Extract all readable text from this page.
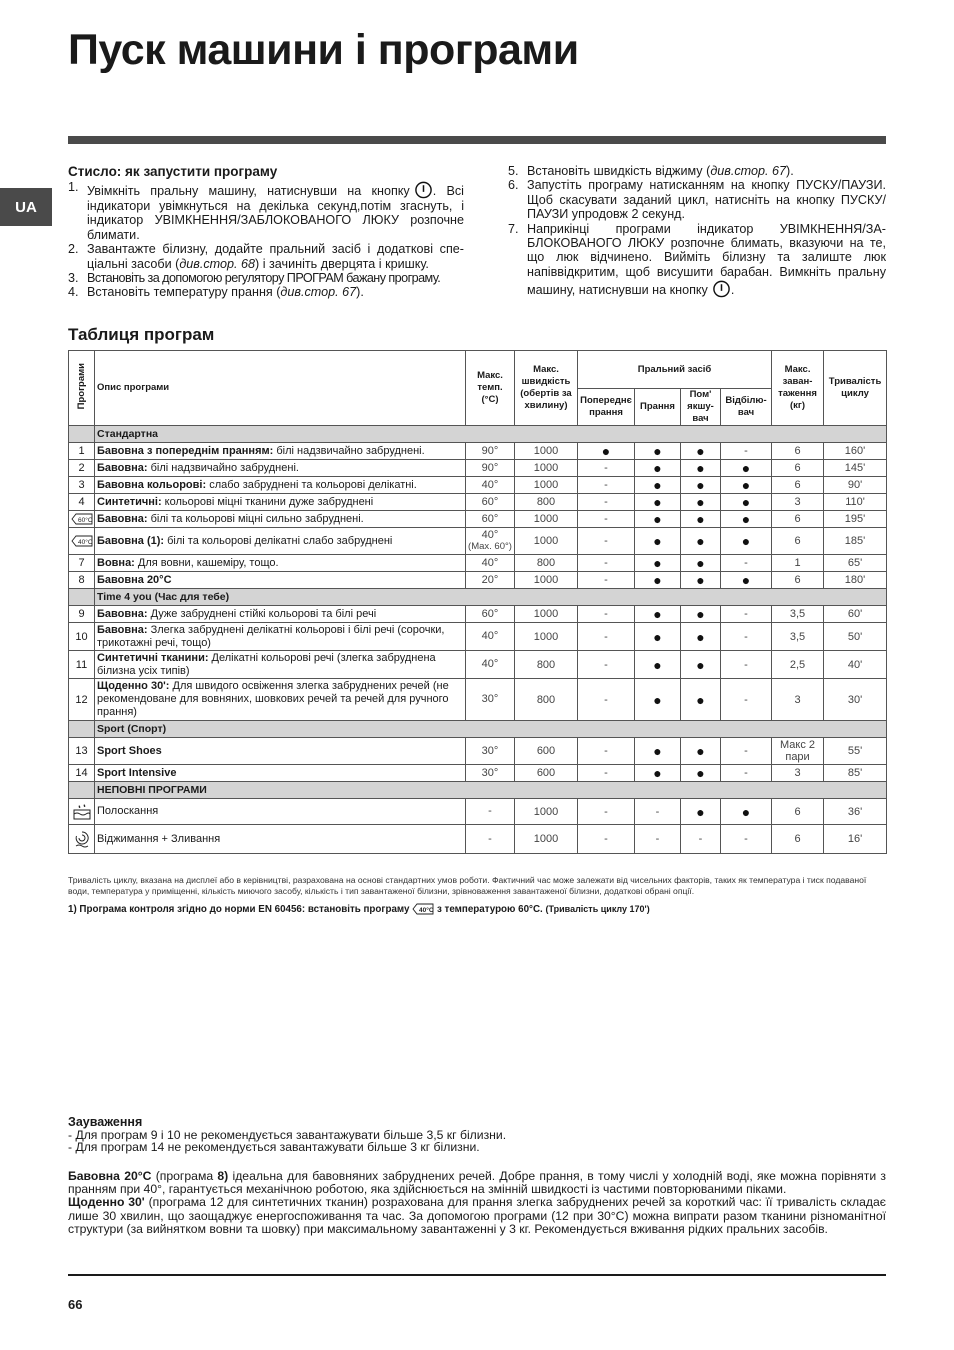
Пуск машини і програми
UA
Стисло: як запустити програму
1. Увімкніть пральну машину, натиснувши на кнопку . Всі індикатори увімкнуться на декілька секунд,потім згаснуть, і індикатор УВІМКНЕННЯ/ЗАБЛОКОВАНОГО ЛЮКУ розпочне блимати.
2. Завантажте білизну, додайте пральний засіб і додаткові спеціальні засоби (див.стор. 68) і зачиніть дверцята і кришку.
3. Встановіть за допомогою регулятору ПРОГРАМ бажану програму.
4. Встановіть температуру прання (див.стор. 67).
5. Встановіть швидкість віджиму (див.стор. 67).
6. Запустіть програму натисканням на кнопку ПУСКУ/ПАУЗИ. Щоб скасувати заданий цикл, натисніть на кнопку ПУСКУ/ПАУЗИ упродовж 2 секунд.
7. Наприкінці програми індикатор УВІМКНЕННЯ/ЗАБЛОКОВАНОГО ЛЮКУ розпочне блимать, вказуючи на те, що люк відчинено. Вийміть білизну та залиште люк напіввідкритим, щоб висушити барабан. Вимкніть пральну машину, натиснувши на кнопку .
Таблиця програм
Програми	Опис програми	Макс. темп. (°C)	Макс. швидкість (обертів за хвилину)	Пральний засіб				Макс. завантаження (кг)	Тривалість циклу
				Попереднє прання	Прання	Пом' якшувач	Відбілювач		
	Стандартна								
1	Бавовна з попереднім пранням: білі надзвичайно забруднені.	90°	1000	●	●	●	-	6	160'
2	Бавовна: білі надзвичайно забруднені.	90°	1000	-	●	●	●	6	145'
3	Бавовна кольорові: слабо забруднені та кольорові делікатні.	40°	1000	-	●	●	●	6	90'
4	Синтетичні: кольорові міцні тканини дуже забруднені	60°	800	-	●	●	●	3	110'

60°C	Бавовна: білі та кольорові міцні сильно забруднені.	60°	1000	-	●	●	●	6	195'

40°C	Бавовна (1): білі та кольорові делікатні слабо забруднені	40°
(Max. 60°)	1000	-	●	●	●	6	185'
7	Вовна: Для вовни, кашеміру, тощо.	40°	800	-	●	●	-	1	65'
8	Бавовна 20°C	20°	1000	-	●	●	●	6	180'
	Time 4 you (Час для тебе)								
9	Бавовна: Дуже забруднені стійкі кольорові та білі речі	60°	1000	-	●	●	-	3,5	60'
10	Бавовна: Злегка забруднені делікатні кольорові і білі речі (сорочки, трикотажні речі, тощо)	40°	1000	-	●	●	-	3,5	50'
11	Синтетичні тканини: Делікатні кольорові речі (злегка забруднена білизна усіх типів)	40°	800	-	●	●	-	2,5	40'
12	Щоденно 30': Для швидого освіження злегка забруднених речей (не рекомендоване для вовняних, шовкових речей та речей для ручного прання)	30°	800	-	●	●	-	3	30'
	Sport (Спорт)								
13	Sport Shoes	30°	600	-	●	●	-	Макс 2 пари	55'
14	Sport Intensive	30°	600	-	●	●	-	3	85'
	НЕПОВНІ ПРОГРАМИ								
	Полоскання	-	1000	-	-	●	●	6	36'
	Віджимання + Зливання	-	1000	-	-	-	-	6	16'
Тривалість циклу, вказана на дисплеї або в керівництві, разрахована на основі стандартних умов роботи. Фактичний час може залежати від чисельних факторів, таких як температура і тиск подаваної води, температура у приміщенні, кількість миючого засобу, кількість і тип завантаженої білизни, зрівноваження завантаженої білизни, додаткові обрані опції.
1) Програма контроля згідно до норми EN 60456: встановіть програму 40°C з температурою 60°C. (Тривалість циклу 170')
Зауваження
- Для програм 9 і 10 не рекомендується завантажувати більше 3,5 кг білизни.
- Для програм 14 не рекомендується завантажувати більше 3 кг білизни.

Бавовна 20°C (програма 8) ідеальна для бавовняних забруднених речей. Добре прання, в тому числі у холодній воді, яке можна порівняти з пранням при 40°, гарантується механічною роботою, яка здійснюється на змінній швидкості із частими повторюваними піками.

Щоденно 30' (програма 12 для синтетичних тканин) розрахована для прання злегка забруднених речей за короткий час: її тривалість складає лише 30 хвилин, що заощаджує енергоспоживання та час. За допомогою програми (12 при 30°C) можна випрати разом тканини різноманітної структури (за вийнятком вовни та шовку) при максимальному завантаженні у 3 кг. Рекомендується вживання рідких пральних засобів.

66
